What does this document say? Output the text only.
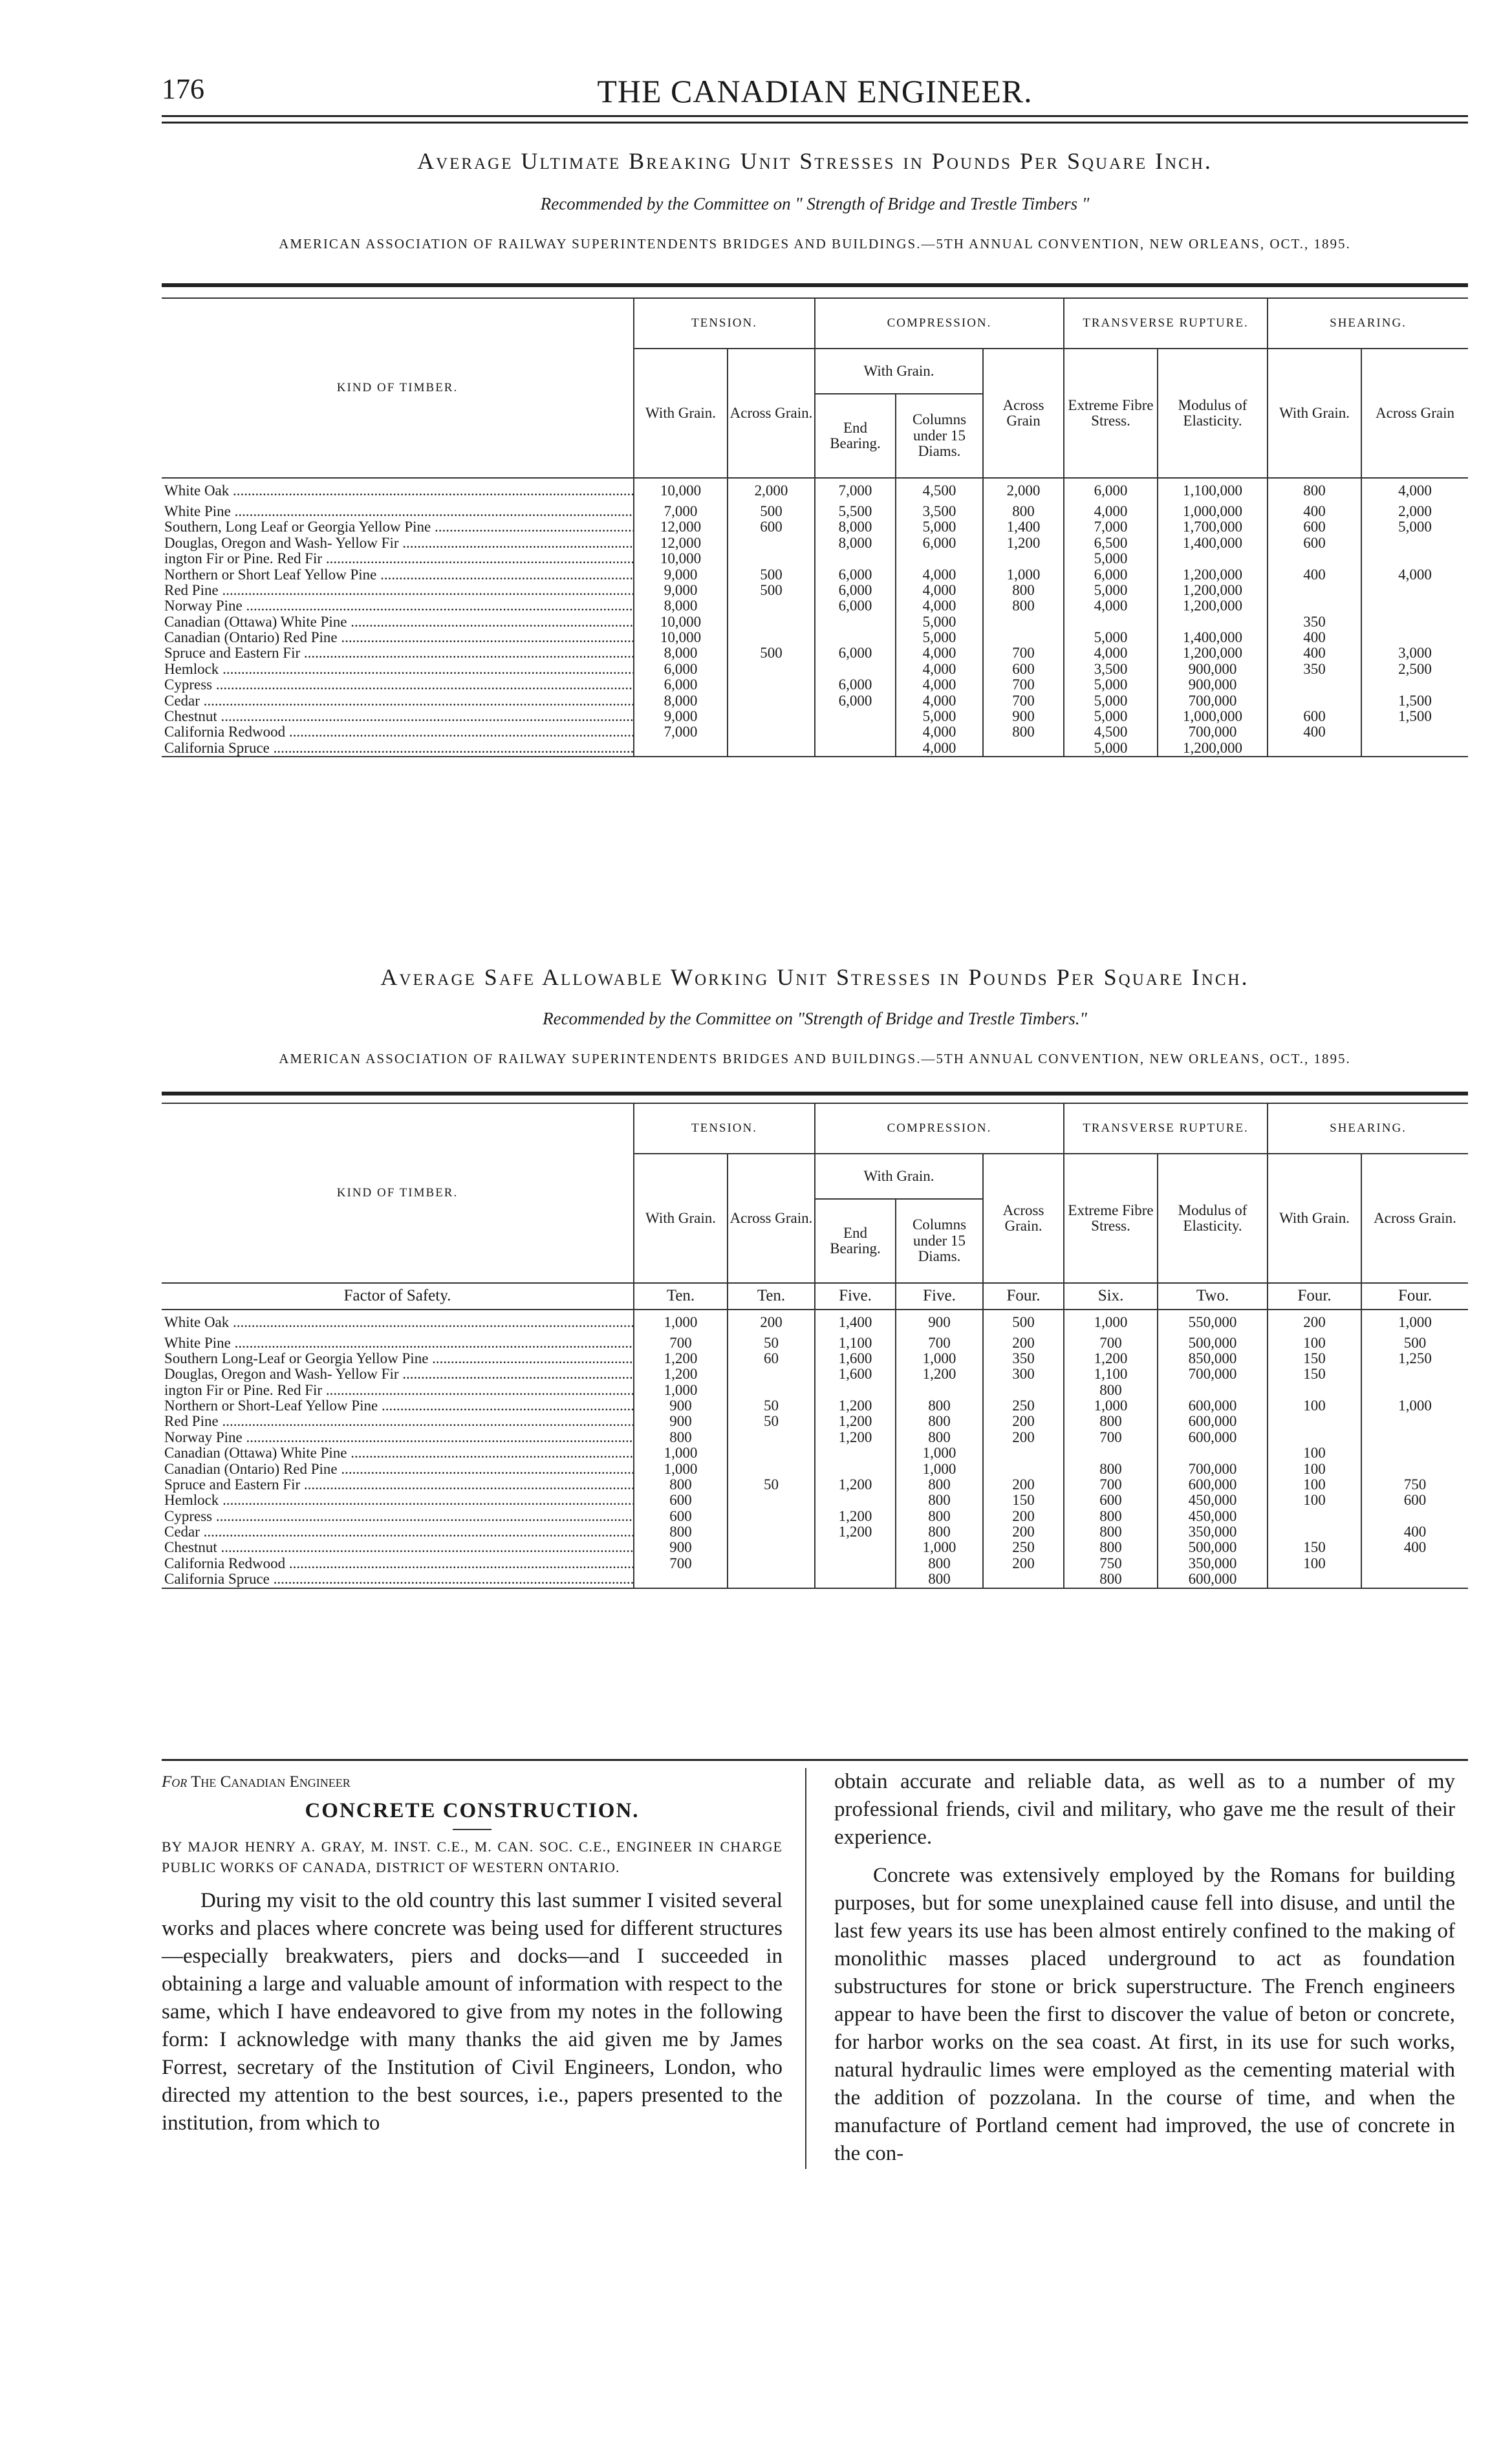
176	THE CANADIAN ENGINEER.
Average Ultimate Breaking Unit Stresses in Pounds Per Square Inch.
Recommended by the Committee on " Strength of Bridge and Trestle Timbers "
AMERICAN ASSOCIATION OF RAILWAY SUPERINTENDENTS BRIDGES AND BUILDINGS.—5TH ANNUAL CONVENTION, NEW ORLEANS, OCT., 1895.
KIND OF TIMBER.	TENSION.		COMPRESSION.			TRANSVERSE RUPTURE.		SHEARING.	
	With Grain.	Across Grain.	With Grain.		Across Grain	Extreme Fibre Stress.	Modulus of Elasticity.	With Grain.	Across Grain
			End Bearing.	Columns under 15 Diams.					
White Oak .....	10,000	2,000	7,000	4,500	2,000	6,000	1,100,000	800	4,000
White Pine .....	7,000	500	5,500	3,500	800	4,000	1,000,000	400	2,000
Southern, Long Leaf or Georgia Yellow Pine .....	12,000	600	8,000	5,000	1,400	7,000	1,700,000	600	5,000
Douglas, Oregon and Wash- Yellow Fir .....	12,000		8,000	6,000	1,200	6,500	1,400,000	600	
ington Fir or Pine. Red Fir .....	10,000					5,000			
Northern or Short Leaf Yellow Pine .....	9,000	500	6,000	4,000	1,000	6,000	1,200,000	400	4,000
Red Pine .....	9,000	500	6,000	4,000	800	5,000	1,200,000		
Norway Pine .....	8,000		6,000	4,000	800	4,000	1,200,000		
Canadian (Ottawa) White Pine .....	10,000			5,000				350	
Canadian (Ontario) Red Pine .....	10,000			5,000		5,000	1,400,000	400	
Spruce and Eastern Fir .....	8,000	500	6,000	4,000	700	4,000	1,200,000	400	3,000
Hemlock .....	6,000			4,000	600	3,500	900,000	350	2,500
Cypress .....	6,000		6,000	4,000	700	5,000	900,000		
Cedar .....	8,000		6,000	4,000	700	5,000	700,000		1,500
Chestnut .....	9,000			5,000	900	5,000	1,000,000	600	1,500
California Redwood .....	7,000			4,000	800	4,500	700,000	400	
California Spruce .....				4,000		5,000	1,200,000		
Average Safe Allowable Working Unit Stresses in Pounds Per Square Inch.
Recommended by the Committee on "Strength of Bridge and Trestle Timbers."
AMERICAN ASSOCIATION OF RAILWAY SUPERINTENDENTS BRIDGES AND BUILDINGS.—5TH ANNUAL CONVENTION, NEW ORLEANS, OCT., 1895.
KIND OF TIMBER.	TENSION.		COMPRESSION.			TRANSVERSE RUPTURE.		SHEARING.	
	With Grain.	Across Grain.	With Grain.		Across Grain.	Extreme Fibre Stress.	Modulus of Elasticity.	With Grain.	Across Grain.
			End Bearing.	Columns under 15 Diams.					
Factor of Safety.	Ten.	Ten.	Five.	Five.	Four.	Six.	Two.	Four.	Four.
White Oak .....	1,000	200	1,400	900	500	1,000	550,000	200	1,000
White Pine .....	700	50	1,100	700	200	700	500,000	100	500
Southern Long-Leaf or Georgia Yellow Pine .....	1,200	60	1,600	1,000	350	1,200	850,000	150	1,250
Douglas, Oregon and Wash- Yellow Fir .....	1,200		1,600	1,200	300	1,100	700,000	150	
ington Fir or Pine. Red Fir .....	1,000					800			
Northern or Short-Leaf Yellow Pine .....	900	50	1,200	800	250	1,000	600,000	100	1,000
Red Pine .....	900	50	1,200	800	200	800	600,000		
Norway Pine .....	800		1,200	800	200	700	600,000		
Canadian (Ottawa) White Pine .....	1,000			1,000				100	
Canadian (Ontario) Red Pine .....	1,000			1,000		800	700,000	100	
Spruce and Eastern Fir .....	800	50	1,200	800	200	700	600,000	100	750
Hemlock .....	600			800	150	600	450,000	100	600
Cypress .....	600		1,200	800	200	800	450,000		
Cedar .....	800		1,200	800	200	800	350,000		400
Chestnut .....	900			1,000	250	800	500,000	150	400
California Redwood .....	700			800	200	750	350,000	100	
California Spruce .....				800		800	600,000		
For The Canadian Engineer
CONCRETE CONSTRUCTION.
BY MAJOR HENRY A. GRAY, M. INST. C.E., M. CAN. SOC. C.E., ENGINEER IN CHARGE PUBLIC WORKS OF CANADA, DISTRICT OF WESTERN ONTARIO.

During my visit to the old country this last summer I visited several works and places where concrete was being used for different structures—especially breakwaters, piers and docks—and I succeeded in obtaining a large and valuable amount of information with respect to the same, which I have endeavored to give from my notes in the following form: I acknowledge with many thanks the aid given me by James Forrest, secretary of the Institution of Civil Engineers, London, who directed my attention to the best sources, i.e., papers presented to the institution, from which to

obtain accurate and reliable data, as well as to a number of my professional friends, civil and military, who gave me the result of their experience.

Concrete was extensively employed by the Romans for building purposes, but for some unexplained cause fell into disuse, and until the last few years its use has been almost entirely confined to the making of monolithic masses placed underground to act as foundation substructures for stone or brick superstructure. The French engineers appear to have been the first to discover the value of beton or concrete, for harbor works on the sea coast. At first, in its use for such works, natural hydraulic limes were employed as the cementing material with the addition of pozzolana. In the course of time, and when the manufacture of Portland cement had improved, the use of concrete in the con-
